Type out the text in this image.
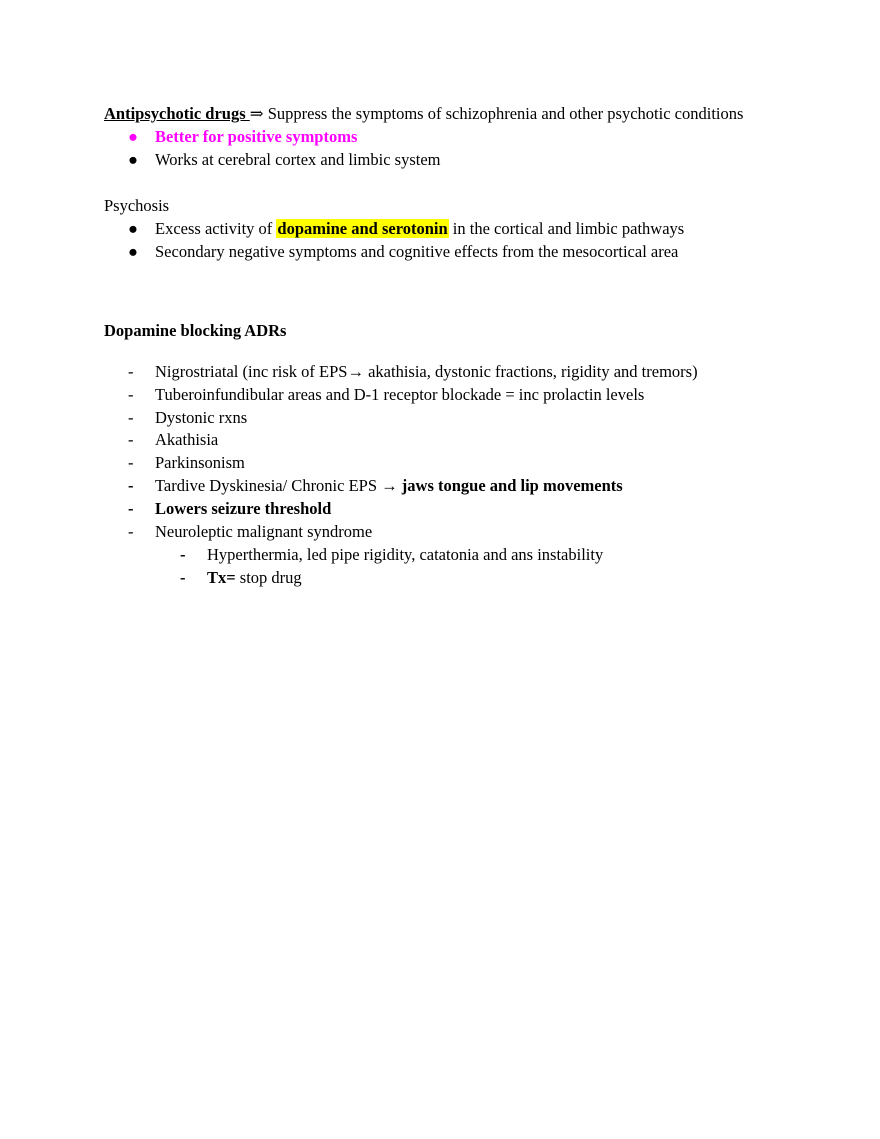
Antipsychotic drugs ⇒ Suppress the symptoms of schizophrenia and other psychotic conditions
● Better for positive symptoms
● Works at cerebral cortex and limbic system
Psychosis
● Excess activity of dopamine and serotonin in the cortical and limbic pathways
● Secondary negative symptoms and cognitive effects from the mesocortical area
Dopamine blocking ADRs
- Nigrostriatal (inc risk of EPS→ akathisia, dystonic fractions, rigidity and tremors)
- Tuberoinfundibular areas and D-1 receptor blockade = inc prolactin levels
- Dystonic rxns
- Akathisia
- Parkinsonism
- Tardive Dyskinesia/ Chronic EPS → jaws tongue and lip movements
- Lowers seizure threshold
- Neuroleptic malignant syndrome
- Hyperthermia, led pipe rigidity, catatonia and ans instability
- Tx= stop drug
